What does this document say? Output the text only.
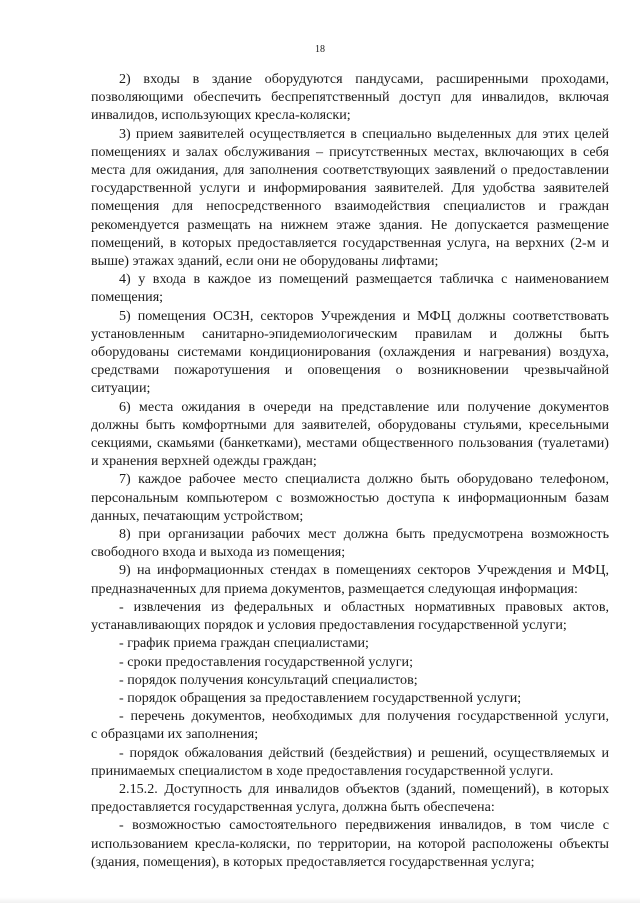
18
2) входы в здание оборудуются пандусами, расширенными проходами,
позволяющими обеспечить беспрепятственный доступ для инвалидов, включая
инвалидов, использующих кресла-коляски;
3) прием заявителей осуществляется в специально выделенных для этих целей
помещениях и залах обслуживания – присутственных местах, включающих в себя
места для ожидания, для заполнения соответствующих заявлений о предоставлении
государственной услуги и информирования заявителей. Для удобства заявителей
помещения для непосредственного взаимодействия специалистов и граждан
рекомендуется размещать на нижнем этаже здания. Не допускается размещение
помещений, в которых предоставляется государственная услуга, на верхних (2-м и
выше) этажах зданий, если они не оборудованы лифтами;
4) у входа в каждое из помещений размещается табличка с наименованием
помещения;
5) помещения ОСЗН, секторов Учреждения и МФЦ должны соответствовать
установленным санитарно-эпидемиологическим правилам и должны быть
оборудованы системами кондиционирования (охлаждения и нагревания) воздуха,
средствами пожаротушения и оповещения о возникновении чрезвычайной
ситуации;
6) места ожидания в очереди на представление или получение документов
должны быть комфортными для заявителей, оборудованы стульями, кресельными
секциями, скамьями (банкетками), местами общественного пользования (туалетами)
и хранения верхней одежды граждан;
7) каждое рабочее место специалиста должно быть оборудовано телефоном,
персональным компьютером с возможностью доступа к информационным базам
данных, печатающим устройством;
8) при организации рабочих мест должна быть предусмотрена возможность
свободного входа и выхода из помещения;
9) на информационных стендах в помещениях секторов Учреждения и МФЦ,
предназначенных для приема документов, размещается следующая информация:
- извлечения из федеральных и областных нормативных правовых актов,
устанавливающих порядок и условия предоставления государственной услуги;
- график приема граждан специалистами;
- сроки предоставления государственной услуги;
- порядок получения консультаций специалистов;
- порядок обращения за предоставлением государственной услуги;
- перечень документов, необходимых для получения государственной услуги,
с образцами их заполнения;
- порядок обжалования действий (бездействия) и решений, осуществляемых и
принимаемых специалистом в ходе предоставления государственной услуги.
2.15.2. Доступность для инвалидов объектов (зданий, помещений), в которых
предоставляется государственная услуга, должна быть обеспечена:
- возможностью самостоятельного передвижения инвалидов, в том числе с
использованием кресла-коляски, по территории, на которой расположены объекты
(здания, помещения), в которых предоставляется государственная услуга;
